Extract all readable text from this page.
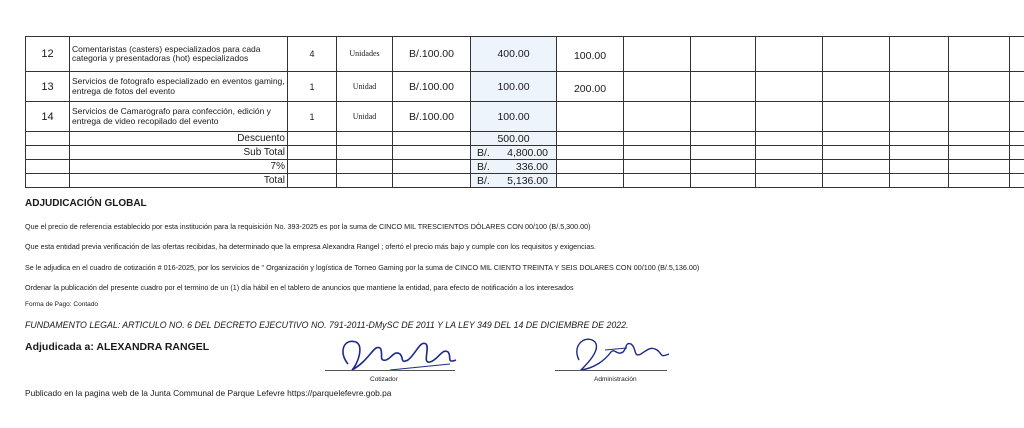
12	Comentaristas (casters) especializados para cada categoria y presentadoras (hot) especializados	4	Unidades	B/.100.00	400.00	100.00							
13	Servicios de fotografo especializado en eventos gaming, entrega de fotos del evento	1	Unidad	B/.100.00	100.00	200.00							
14	Servicios de Camarografo para confección, edición y entrega de video recopilado del evento	1	Unidad	B/.100.00	100.00								
	Descuento				500.00								
	Sub Total				B/. 4,800.00								

	7%				B/. 336.00								

	Total				B/. 5,136.00								

ADJUDICACIÓN GLOBAL
Que el precio de referencia establecido por esta institución para la requisición No. 393-2025 es por la suma de CINCO MIL TRESCIENTOS DÓLARES CON 00/100 (B/.5,300.00)
Que esta entidad previa verificación de las ofertas recibidas, ha determinado que la empresa Alexandra Rangel ; ofertó el precio más bajo y cumple con los requisitos y exigencias.
Se le adjudica en el cuadro de cotización # 016-2025, por los servicios de " Organización y logística de Torneo Gaming por la suma de CINCO MIL CIENTO TREINTA Y SEIS DOLARES CON 00/100 (B/.5,136.00)
Ordenar la publicación del presente cuadro por el termino de un (1) día hábil en el tablero de anuncios que mantiene la entidad, para efecto de notificación a los interesados
Forma de Pago: Contado
FUNDAMENTO LEGAL: ARTICULO NO. 6 DEL DECRETO EJECUTIVO NO. 791-2011-DMySC DE 2011 Y LA LEY 349 DEL 14 DE DICIEMBRE DE 2022.
Adjudicada a: ALEXANDRA RANGEL
Publicado en la pagina web de la Junta Communal de Parque Lefevre https://parquelefevre.gob.pa
Cotizador	Administración
